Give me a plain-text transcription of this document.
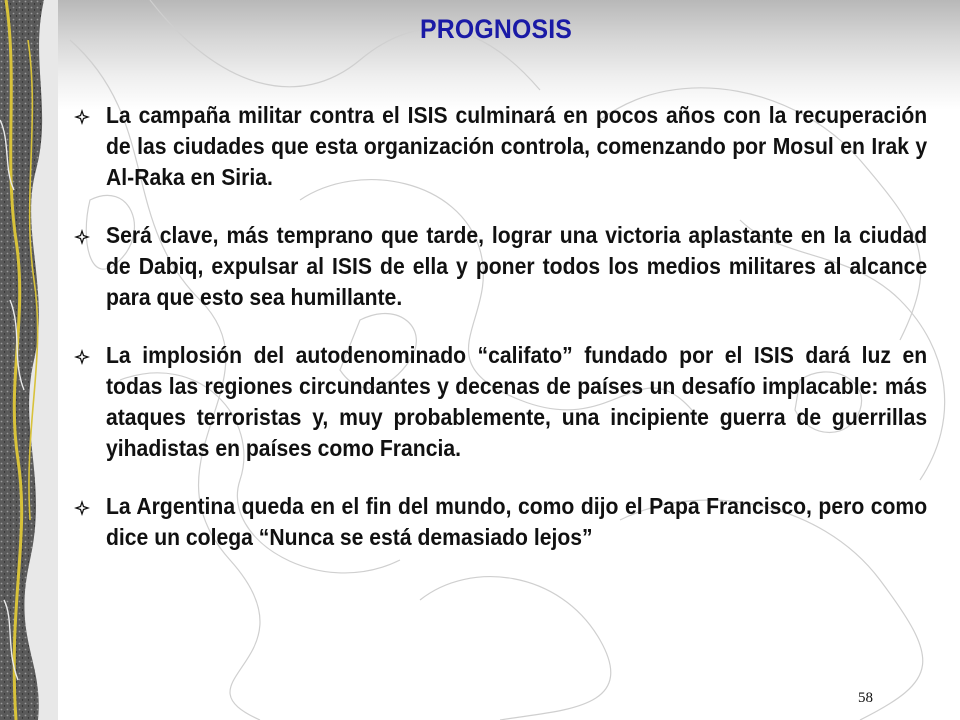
PROGNOSIS
La campaña militar contra el ISIS culminará en pocos años con la recuperación de las ciudades que esta organización controla, comenzando por Mosul en Irak y Al-Raka en Siria.
Será clave, más temprano que tarde, lograr una victoria aplastante en la ciudad de Dabiq, expulsar al ISIS de ella y poner todos los medios militares al alcance para que esto sea humillante.
La implosión del autodenominado “califato” fundado por el ISIS dará luz en todas las regiones circundantes y decenas de países un desafío implacable: más ataques terroristas y, muy probablemente, una incipiente guerra de guerrillas yihadistas en países como Francia.
La Argentina queda en el fin del mundo, como dijo el Papa Francisco, pero como dice un colega “Nunca se está demasiado lejos”
58
